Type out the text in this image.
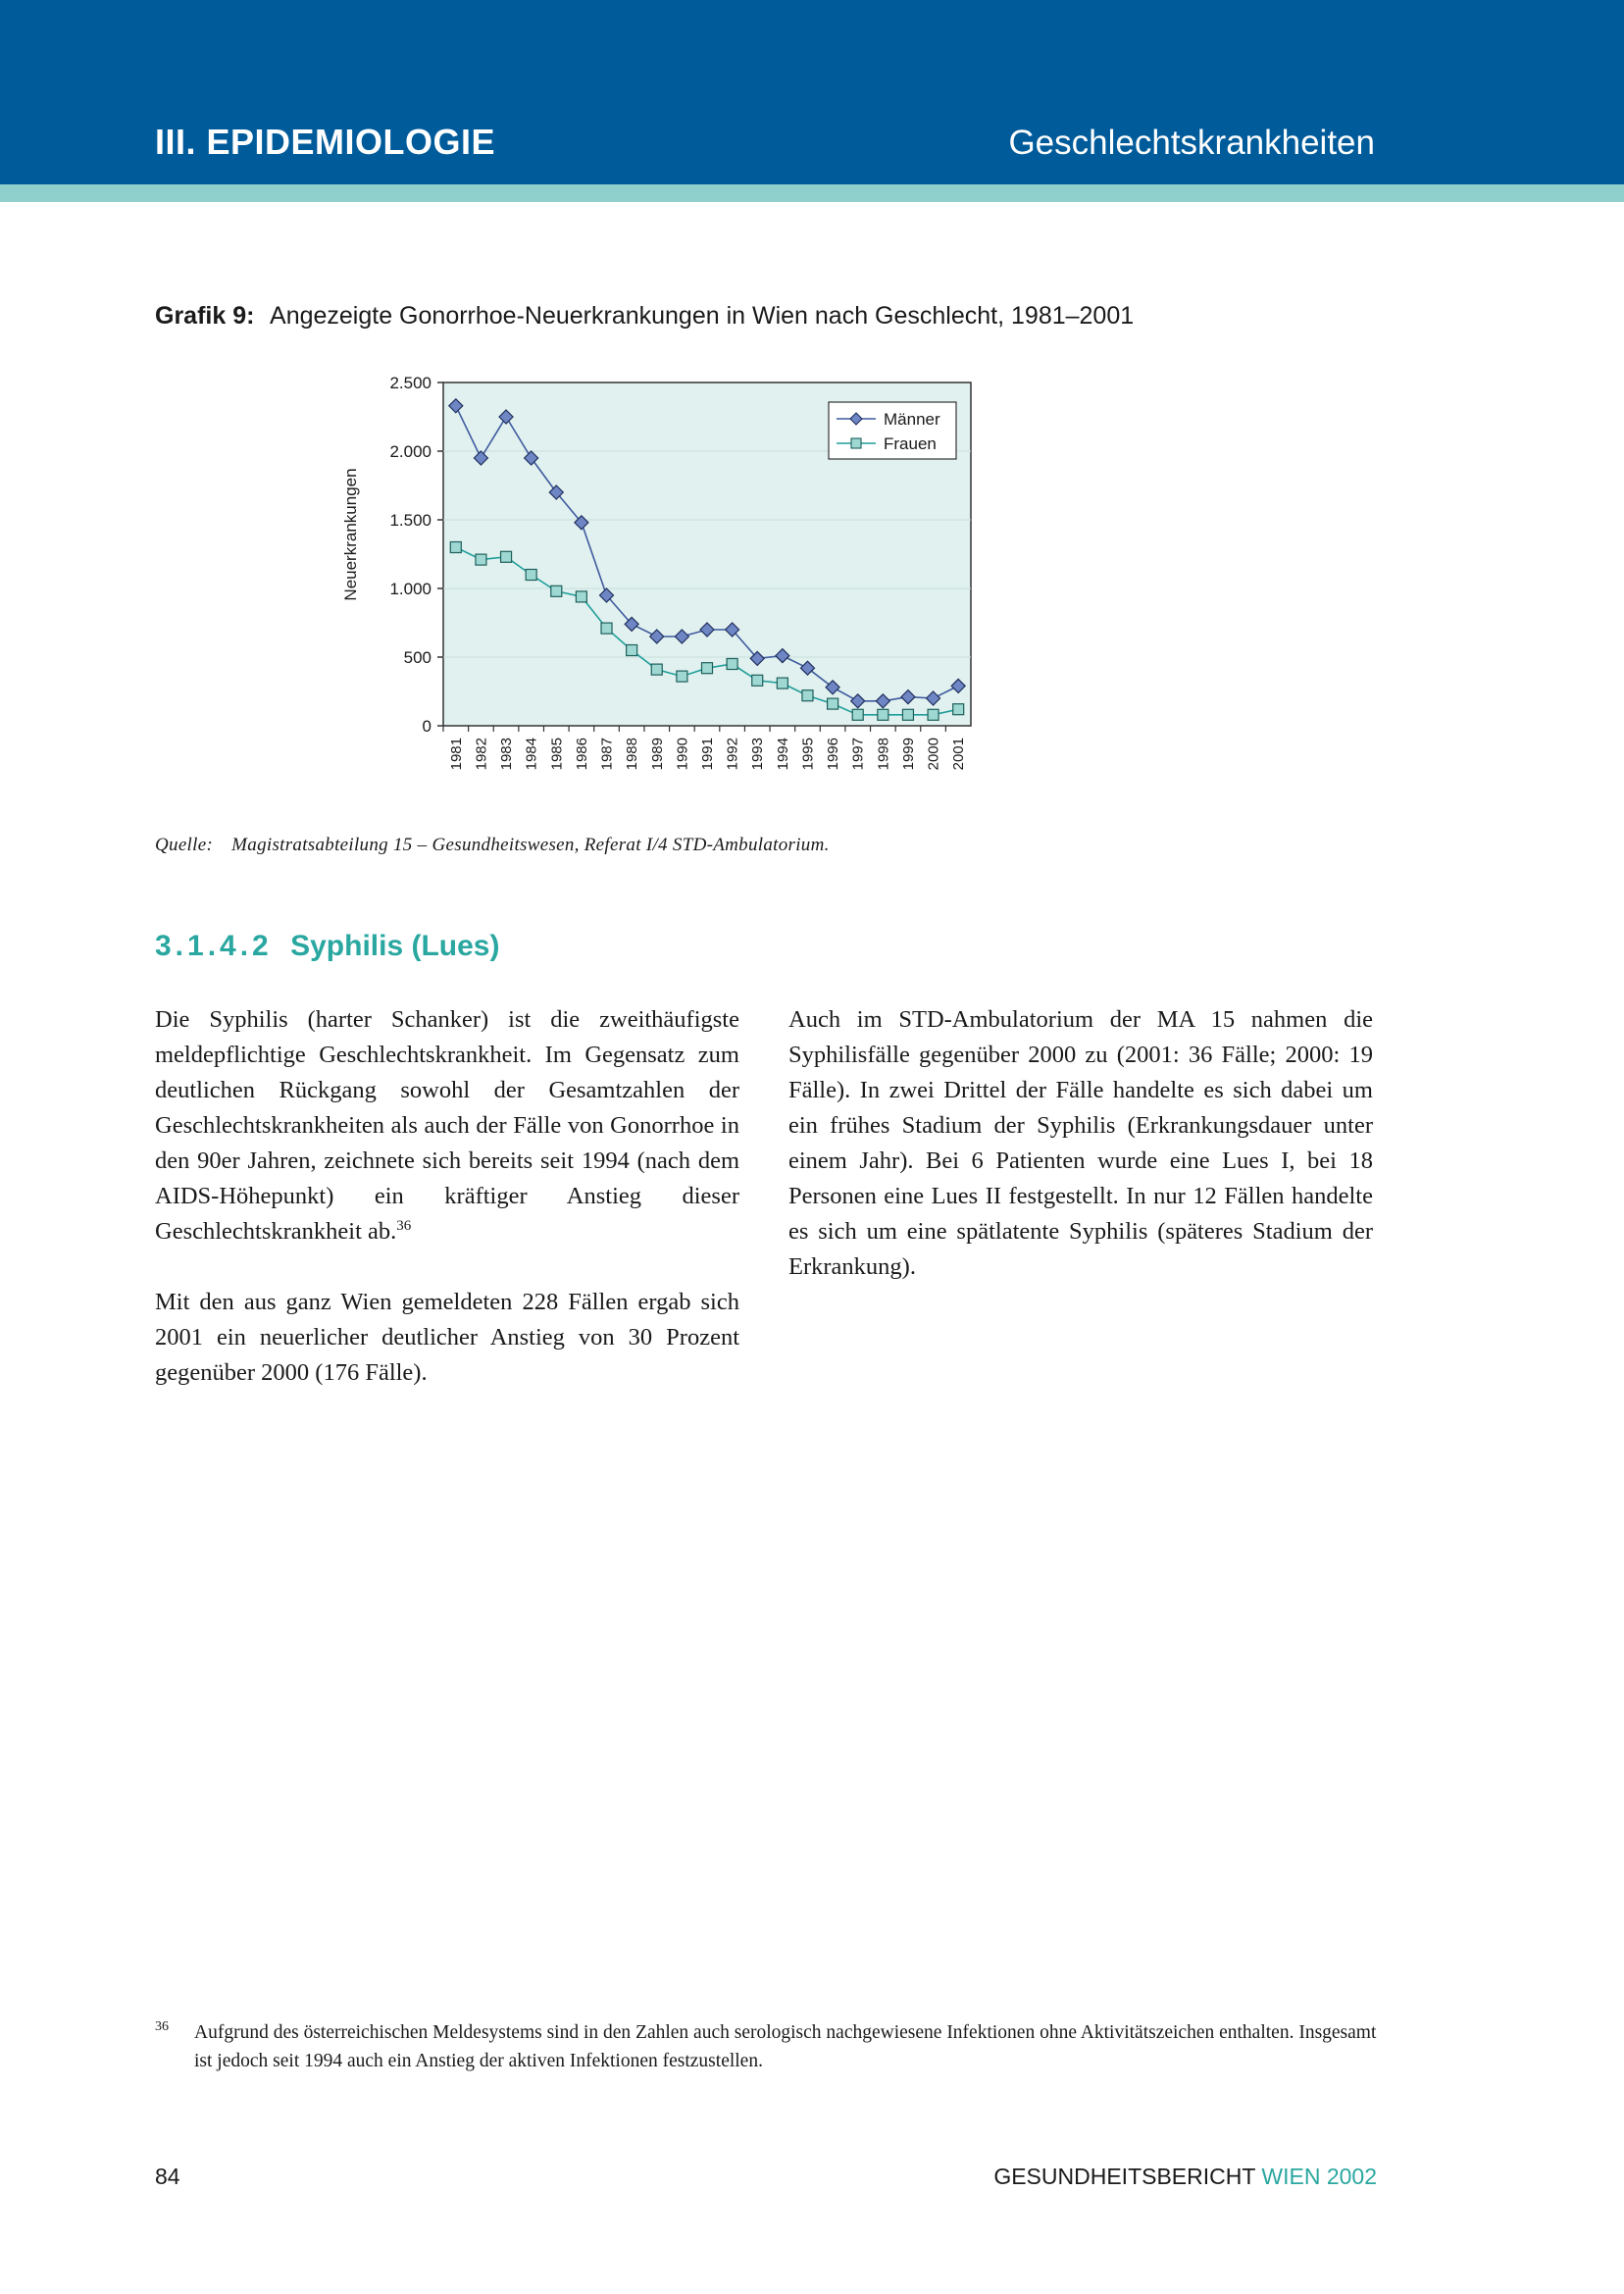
III. EPIDEMIOLOGIE	Geschlechtskrankheiten
Grafik 9: Angezeigte Gonorrhoe-Neuerkrankungen in Wien nach Geschlecht, 1981–2001
0
500
1.000
1.500
2.000
2.500
Neuerkrankungen
1981 1982 1983 1984 1985 1986 1987 1988 1989 1990 1991 1992 1993 1994 1995 1996 1997 1998 1999 2000 2001
Männer
Frauen
Quelle: Magistratsabteilung 15 – Gesundheitswesen, Referat I/4 STD-Ambulatorium.
3.1.4.2 Syphilis (Lues)

Die Syphilis (harter Schanker) ist die zweithäufigste meldepflichtige Geschlechtskrankheit. Im Gegensatz zum deutlichen Rückgang sowohl der Gesamtzahlen der Geschlechtskrankheiten als auch der Fälle von Gonorrhoe in den 90er Jahren, zeichnete sich bereits seit 1994 (nach dem AIDS-Höhepunkt) ein kräftiger Anstieg dieser Geschlechtskrankheit ab.$^{36}$

Mit den aus ganz Wien gemeldeten 228 Fällen ergab sich 2001 ein neuerlicher deutlicher Anstieg von 30 Prozent gegenüber 2000 (176 Fälle).

Auch im STD-Ambulatorium der MA 15 nahmen die Syphilisfälle gegenüber 2000 zu (2001: 36 Fälle; 2000: 19 Fälle). In zwei Drittel der Fälle handelte es sich dabei um ein frühes Stadium der Syphilis (Erkrankungsdauer unter einem Jahr). Bei 6 Patienten wurde eine Lues I, bei 18 Personen eine Lues II festgestellt. In nur 12 Fällen handelte es sich um eine spätlatente Syphilis (späteres Stadium der Erkrankung).

36 Aufgrund des österreichischen Meldesystems sind in den Zahlen auch serologisch nachgewiesene Infektionen ohne Aktivitätszeichen enthalten. Insgesamt ist jedoch seit 1994 auch ein Anstieg der aktiven Infektionen festzustellen.
84	GESUNDHEITSBERICHT WIEN 2002
